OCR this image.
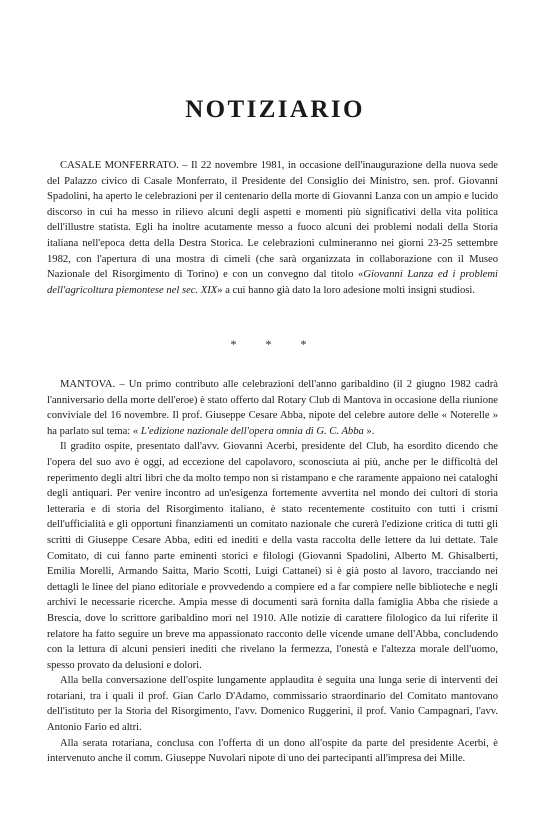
NOTIZIARIO

CASALE MONFERRATO. – Il 22 novembre 1981, in occasione dell'inaugurazione della nuova sede del Palazzo civico di Casale Monferrato, il Presidente del Consiglio dei Ministro, sen. prof. Giovanni Spadolini, ha aperto le celebrazioni per il centenario della morte di Giovanni Lanza con un ampio e lucido discorso in cui ha messo in rilievo alcuni degli aspetti e momenti più significativi della vita politica dell'illustre statista. Egli ha inoltre acutamente messo a fuoco alcuni dei problemi nodali della Storia italiana nell'epoca detta della Destra Storica. Le celebrazioni culmineranno nei giorni 23-25 settembre 1982, con l'apertura di una mostra di cimeli (che sarà organizzata in collaborazione con il Museo Nazionale del Risorgimento di Torino) e con un convegno dal titolo «Giovanni Lanza ed i problemi dell'agricoltura piemontese nel sec. XIX» a cui hanno già dato la loro adesione molti insigni studiosi.

* * *

MANTOVA. – Un primo contributo alle celebrazioni dell'anno garibaldino (il 2 giugno 1982 cadrà l'anniversario della morte dell'eroe) è stato offerto dal Rotary Club di Mantova in occasione della riunione conviviale del 16 novembre. Il prof. Giuseppe Cesare Abba, nipote del celebre autore delle « Noterelle » ha parlato sul tema: « L'edizione nazionale dell'opera omnia di G. C. Abba ».

Il gradito ospite, presentato dall'avv. Giovanni Acerbi, presidente del Club, ha esordito dicendo che l'opera del suo avo è oggi, ad eccezione del capolavoro, sconosciuta ai più, anche per le difficoltà del reperimento degli altri libri che da molto tempo non si ristampano e che raramente appaiono nei cataloghi degli antiquari. Per venire incontro ad un'esigenza fortemente avvertita nel mondo dei cultori di storia letteraria e di storia del Risorgimento italiano, è stato recentemente costituito con tutti i crismi dell'ufficialità e gli opportuni finanziamenti un comitato nazionale che curerà l'edizione critica di tutti gli scritti di Giuseppe Cesare Abba, editi ed inediti e della vasta raccolta delle lettere da lui dettate. Tale Comitato, di cui fanno parte eminenti storici e filologi (Giovanni Spadolini, Alberto M. Ghisalberti, Emilia Morelli, Armando Saitta, Mario Scotti, Luigi Cattanei) si è già posto al lavoro, tracciando nei dettagli le linee del piano editoriale e provvedendo a compiere ed a far compiere nelle biblioteche e negli archivi le necessarie ricerche. Ampia messe di documenti sarà fornita dalla famiglia Abba che risiede a Brescia, dove lo scrittore garibaldino morì nel 1910. Alle notizie di carattere filologico da lui riferite il relatore ha fatto seguire un breve ma appassionato racconto delle vicende umane dell'Abba, concludendo con la lettura di alcuni pensieri inediti che rivelano la fermezza, l'onestà e l'altezza morale dell'uomo, spesso provato da delusioni e dolori.

Alla bella conversazione dell'ospite lungamente applaudita è seguita una lunga serie di interventi dei rotariani, tra i quali il prof. Gian Carlo D'Adamo, commissario straordinario del Comitato mantovano dell'istituto per la Storia del Risorgimento, l'avv. Domenico Ruggerini, il prof. Vanio Campagnari, l'avv. Antonio Fario ed altri.

Alla serata rotariana, conclusa con l'offerta di un dono all'ospite da parte del presidente Acerbi, è intervenuto anche il comm. Giuseppe Nuvolari nipote di uno dei partecipanti all'impresa dei Mille.
